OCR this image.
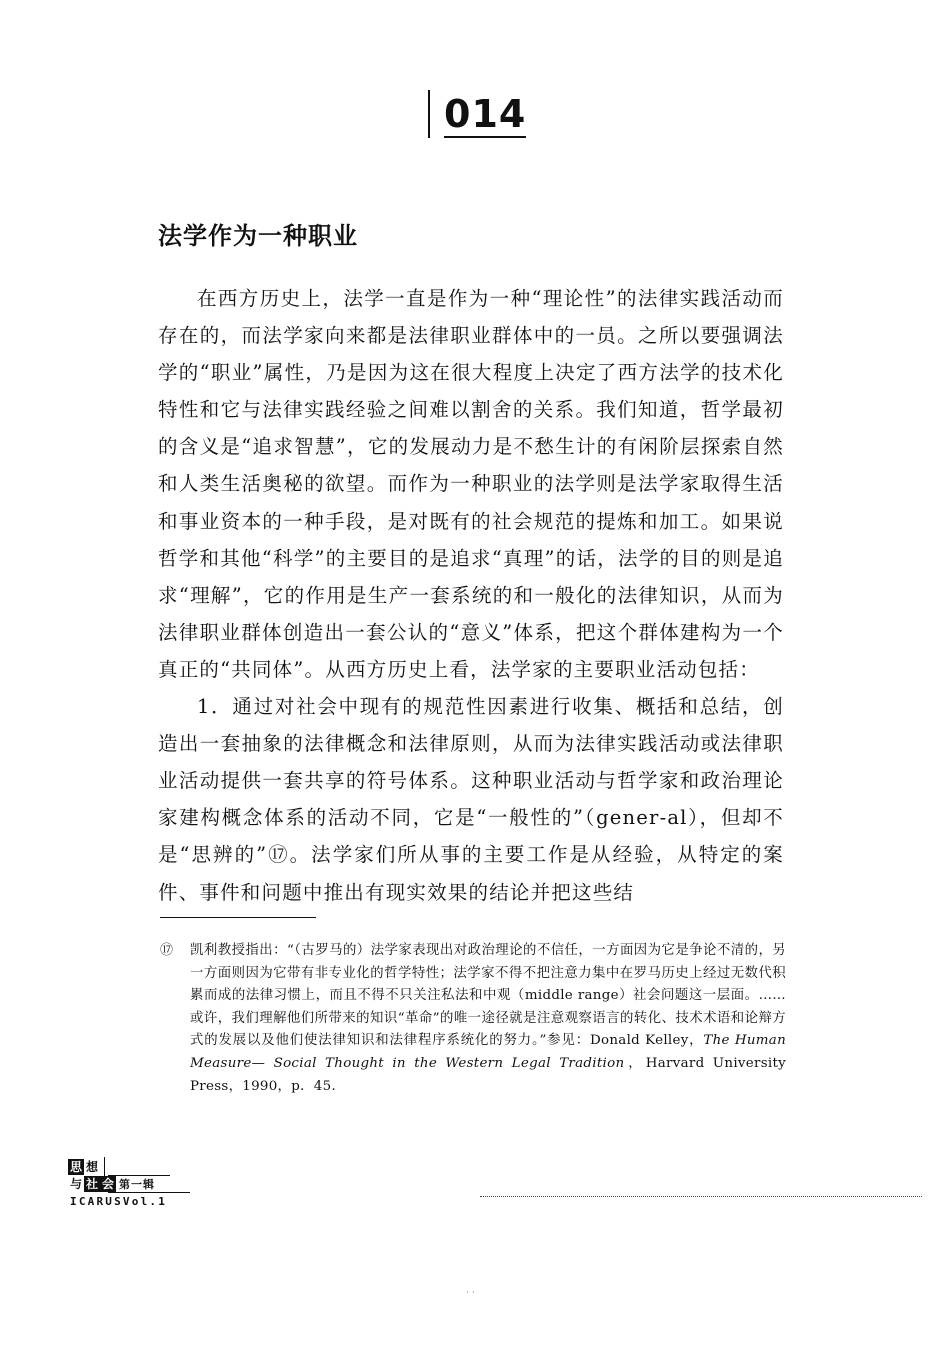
014
法学作为一种职业

在西方历史上，法学一直是作为一种“理论性”的法律实践活动而存在的，而法学家向来都是法律职业群体中的一员。之所以要强调法学的“职业”属性，乃是因为这在很大程度上决定了西方法学的技术化特性和它与法律实践经验之间难以割舍的关系。我们知道，哲学最初的含义是“追求智慧”，它的发展动力是不愁生计的有闲阶层探索自然和人类生活奥秘的欲望。而作为一种职业的法学则是法学家取得生活和事业资本的一种手段，是对既有的社会规范的提炼和加工。如果说哲学和其他“科学”的主要目的是追求“真理”的话，法学的目的则是追求“理解”，它的作用是生产一套系统的和一般化的法律知识，从而为法律职业群体创造出一套公认的“意义”体系，把这个群体建构为一个真正的“共同体”。从西方历史上看，法学家的主要职业活动包括：

1．通过对社会中现有的规范性因素进行收集、概括和总结，创造出一套抽象的法律概念和法律原则，从而为法律实践活动或法律职业活动提供一套共享的符号体系。这种职业活动与哲学家和政治理论家建构概念体系的活动不同，它是“一般性的”（gener-al），但却不是“思辨的”⑰。法学家们所从事的主要工作是从经验，从特定的案件、事件和问题中推出有现实效果的结论并把这些结

⑰ 凯利教授指出：“（古罗马的）法学家表现出对政治理论的不信任，一方面因为它是争论不清的，另一方面则因为它带有非专业化的哲学特性；法学家不得不把注意力集中在罗马历史上经过无数代积累而成的法律习惯上，而且不得不只关注私法和中观（middle range）社会问题这一层面。……或许，我们理解他们所带来的知识“革命”的唯一途径就是注意观察语言的转化、技术术语和论辩方式的发展以及他们使法律知识和法律程序系统化的努力。”参见：Donald Kelley，The Human Measure— Social Thought in the Western Legal Tradition，Harvard University Press，1990，p．45．
思 想
与 社 会 第一辑
ICARUSVol.1
··
